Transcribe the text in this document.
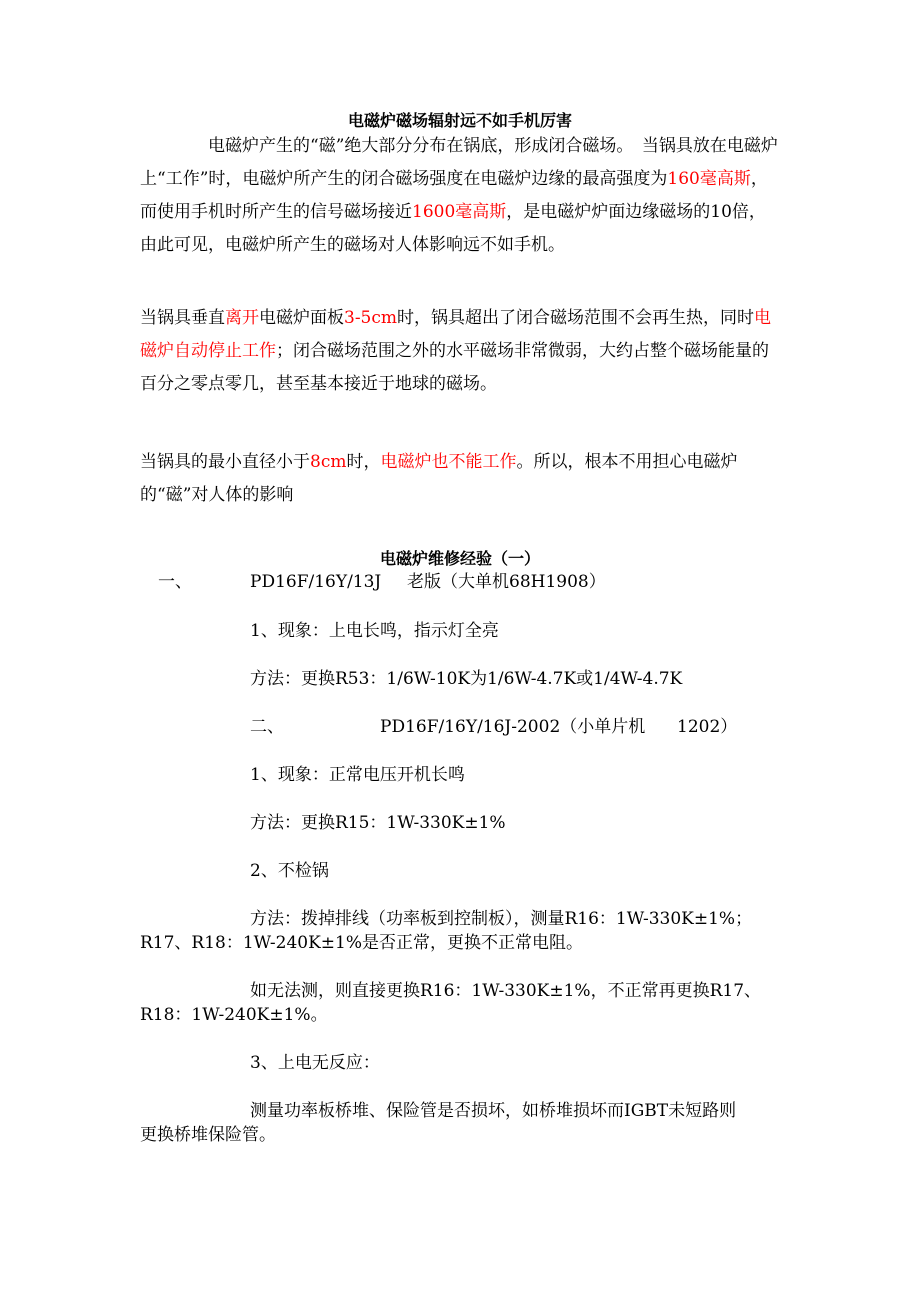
电磁炉磁场辐射远不如手机厉害
电磁炉产生的“磁”绝大部分分布在锅底，形成闭合磁场。　当锅具放在电磁炉上“工作”时，电磁炉所产生的闭合磁场强度在电磁炉边缘的最高强度为160毫高斯，而使用手机时所产生的信号磁场接近1600毫高斯，是电磁炉炉面边缘磁场的10倍，由此可见，电磁炉所产生的磁场对人体影响远不如手机。
当锅具垂直离开电磁炉面板3-5cm时，锅具超出了闭合磁场范围不会再生热，同时电磁炉自动停止工作；闭合磁场范围之外的水平磁场非常微弱，大约占整个磁场能量的百分之零点零几，甚至基本接近于地球的磁场。
当锅具的最小直径小于8cm时，电磁炉也不能工作。所以，根本不用担心电磁炉的“磁”对人体的影响
电磁炉维修经验（一）
一、	PD16F/16Y/13J 老版（大单机68H1908）
1、现象：上电长鸣，指示灯全亮
方法：更换R53：1/6W-10K为1/6W-4.7K或1/4W-4.7K
二、	PD16F/16Y/16J-2002（小单片机 1202）
1、现象：正常电压开机长鸣
方法：更换R15：1W-330K±1%
2、不检锅
方法：拨掉排线（功率板到控制板），测量R16：1W-330K±1%；
R17、R18：1W-240K±1%是否正常，更换不正常电阻。
如无法测，则直接更换R16：1W-330K±1%，不正常再更换R17、
R18：1W-240K±1%。
3、上电无反应：
测量功率板桥堆、保险管是否损坏，如桥堆损坏而IGBT未短路则
更换桥堆保险管。
